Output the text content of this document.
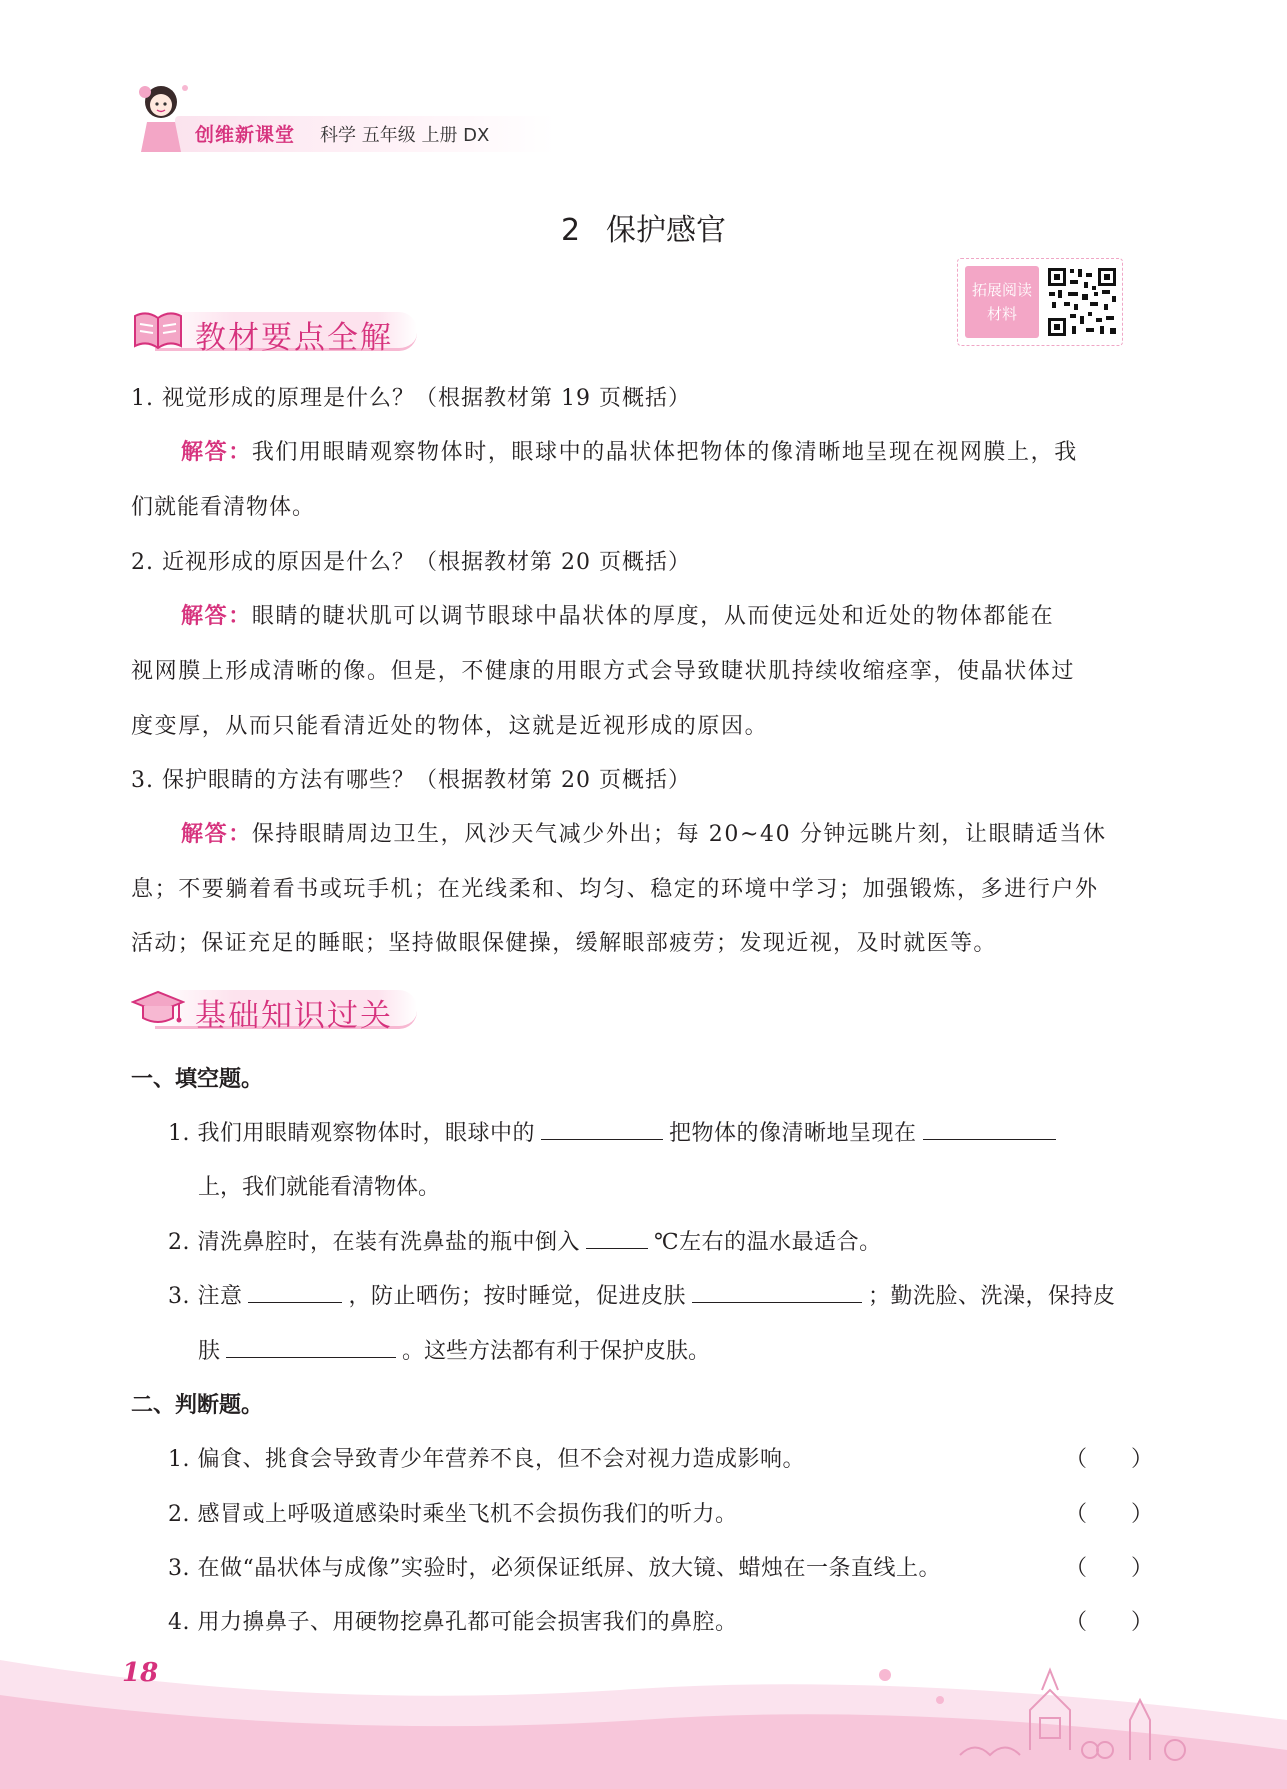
创维新课堂 科学 五年级 上册 DX
2 保护感官
拓展阅读
材料
教材要点全解
1. 视觉形成的原理是什么？（根据教材第 19 页概括）
解答：我们用眼睛观察物体时，眼球中的晶状体把物体的像清晰地呈现在视网膜上，我
们就能看清物体。
2. 近视形成的原因是什么？（根据教材第 20 页概括）
解答：眼睛的睫状肌可以调节眼球中晶状体的厚度，从而使远处和近处的物体都能在
视网膜上形成清晰的像。但是，不健康的用眼方式会导致睫状肌持续收缩痉挛，使晶状体过
度变厚，从而只能看清近处的物体，这就是近视形成的原因。
3. 保护眼睛的方法有哪些？（根据教材第 20 页概括）
解答：保持眼睛周边卫生，风沙天气减少外出；每 20~40 分钟远眺片刻，让眼睛适当休
息；不要躺着看书或玩手机；在光线柔和、均匀、稳定的环境中学习；加强锻炼，多进行户外
活动；保证充足的睡眠；坚持做眼保健操，缓解眼部疲劳；发现近视，及时就医等。
基础知识过关
一、填空题。
1. 我们用眼睛观察物体时，眼球中的	把物体的像清晰地呈现在
上，我们就能看清物体。
2. 清洗鼻腔时，在装有洗鼻盐的瓶中倒入	℃左右的温水最适合。
3. 注意	，防止晒伤；按时睡觉，促进皮肤	；勤洗脸、洗澡，保持皮
肤	。这些方法都有利于保护皮肤。
二、判断题。
1. 偏食、挑食会导致青少年营养不良，但不会对视力造成影响。	（　　）
2. 感冒或上呼吸道感染时乘坐飞机不会损伤我们的听力。	（　　）
3. 在做“晶状体与成像”实验时，必须保证纸屏、放大镜、蜡烛在一条直线上。	（　　）
4. 用力擤鼻子、用硬物挖鼻孔都可能会损害我们的鼻腔。	（　　）
18
